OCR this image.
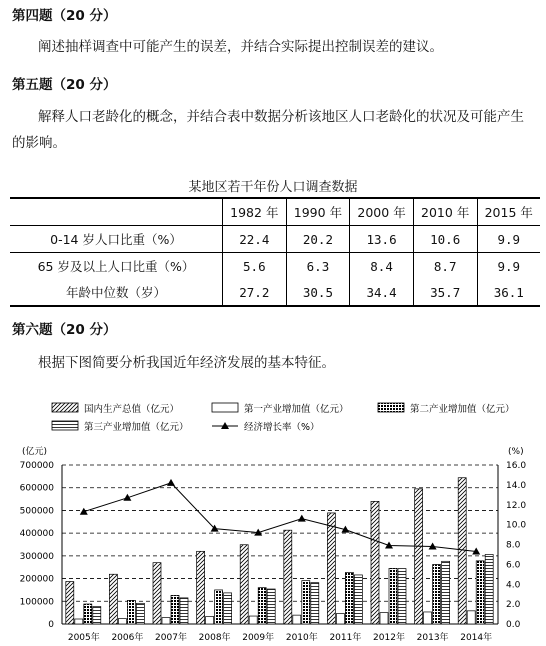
第四题（20 分）
阐述抽样调查中可能产生的误差，并结合实际提出控制误差的建议。
第五题（20 分）
解释人口老龄化的概念，并结合表中数据分析该地区人口老龄化的状况及可能产生的影响。
某地区若干年份人口调查数据
	1982 年	1990 年	2000 年	2010 年	2015 年
0-14 岁人口比重（%）	22.4	20.2	13.6	10.6	9.9
65 岁及以上人口比重（%）	5.6	6.3	8.4	8.7	9.9
年龄中位数（岁）	27.2	30.5	34.4	35.7	36.1
第六题（20 分）
根据下图简要分析我国近年经济发展的基本特征。
国内生产总值（亿元）	第一产业增加值（亿元）	第二产业增加值（亿元）
第三产业增加值（亿元）	经济增长率（%）
0
100000
200000
300000
400000
500000
600000
700000
0.0
2.0
4.0
6.0
8.0
10.0
12.0
14.0
16.0
(亿元)	(%)
2005年 2006年 2007年 2008年 2009年 2010年 2011年 2012年 2013年 2014年
